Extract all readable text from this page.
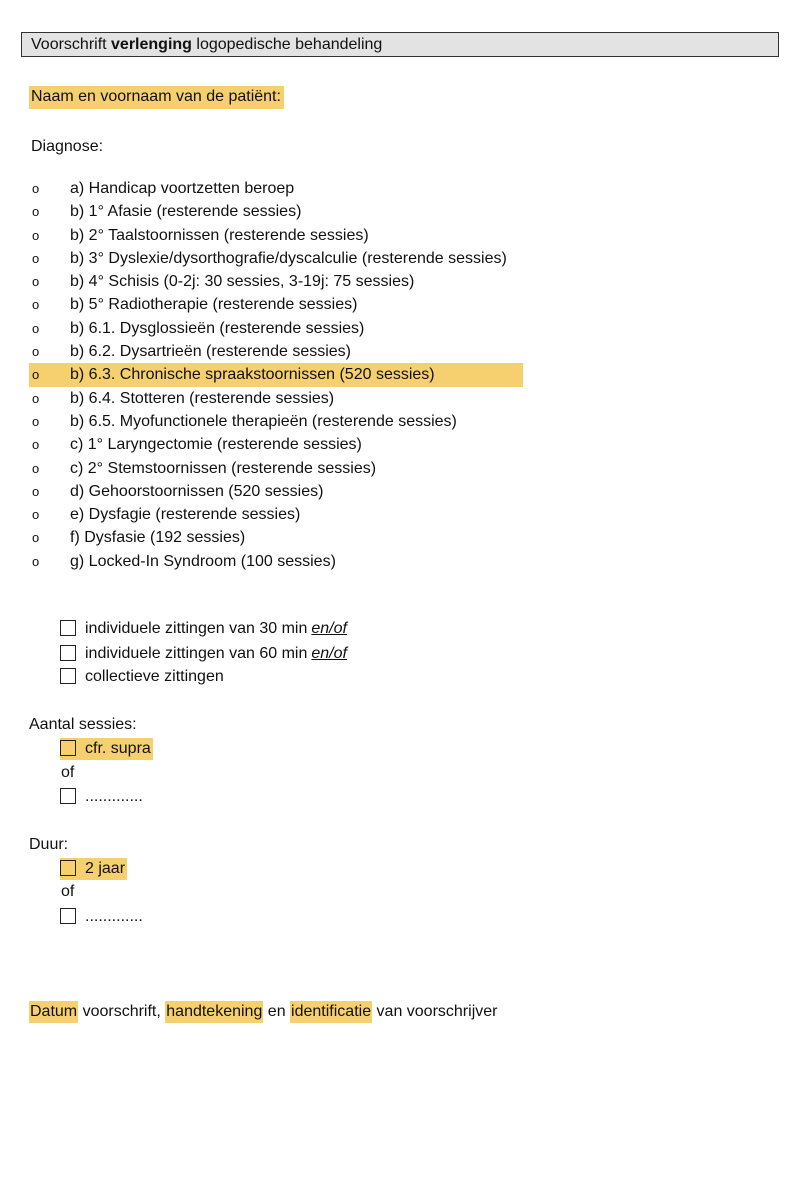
Voorschrift verlenging logopedische behandeling
Naam en voornaam van de patiënt:
Diagnose:
o a) Handicap voortzetten beroep
o b) 1° Afasie (resterende sessies)
o b) 2° Taalstoornissen (resterende sessies)
o b) 3° Dyslexie/dysorthografie/dyscalculie (resterende sessies)
o b) 4° Schisis (0-2j: 30 sessies, 3-19j: 75 sessies)
o b) 5° Radiotherapie (resterende sessies)
o b) 6.1. Dysglossieën (resterende sessies)
o b) 6.2. Dysartrieën (resterende sessies)
o b) 6.3. Chronische spraakstoornissen (520 sessies)
o b) 6.4. Stotteren (resterende sessies)
o b) 6.5. Myofunctionele therapieën (resterende sessies)
o c) 1° Laryngectomie (resterende sessies)
o c) 2° Stemstoornissen (resterende sessies)
o d) Gehoorstoornissen (520 sessies)
o e) Dysfagie (resterende sessies)
o f) Dysfasie (192 sessies)
o g) Locked-In Syndroom (100 sessies)
individuele zittingen van 30 min en/of
individuele zittingen van 60 min en/of
collectieve zittingen
Aantal sessies:
cfr. supra
of
.............
Duur:
2 jaar
of
.............
Datum voorschrift, handtekening en identificatie van voorschrijver
